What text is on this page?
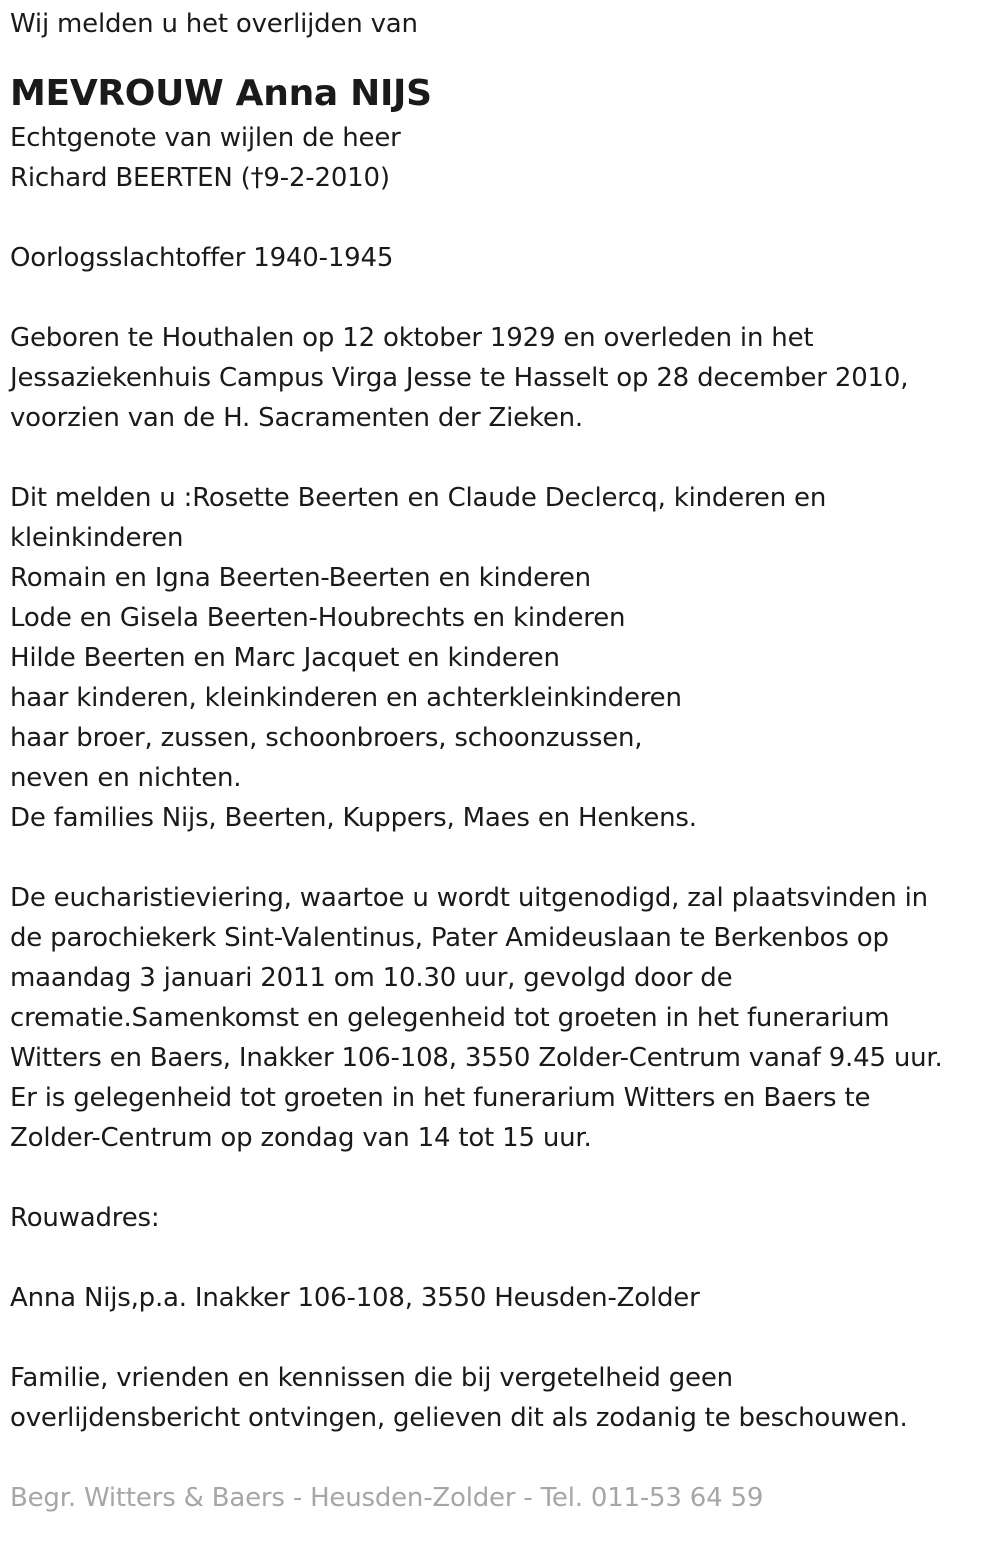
Wij melden u het overlijden van
MEVROUW Anna NIJS
Echtgenote van wijlen de heer
Richard BEERTEN (†9-2-2010)
Oorlogsslachtoffer 1940-1945
Geboren te Houthalen op 12 oktober 1929 en overleden in het
Jessaziekenhuis Campus Virga Jesse te Hasselt op 28 december 2010,
voorzien van de H. Sacramenten der Zieken.
Dit melden u :Rosette Beerten en Claude Declercq, kinderen en
kleinkinderen
Romain en Igna Beerten-Beerten en kinderen
Lode en Gisela Beerten-Houbrechts en kinderen
Hilde Beerten en Marc Jacquet en kinderen
haar kinderen, kleinkinderen en achterkleinkinderen
haar broer, zussen, schoonbroers, schoonzussen,
neven en nichten.
De families Nijs, Beerten, Kuppers, Maes en Henkens.
De eucharistieviering, waartoe u wordt uitgenodigd, zal plaatsvinden in
de parochiekerk Sint-Valentinus, Pater Amideuslaan te Berkenbos op
maandag 3 januari 2011 om 10.30 uur, gevolgd door de
crematie.Samenkomst en gelegenheid tot groeten in het funerarium
Witters en Baers, Inakker 106-108, 3550 Zolder-Centrum vanaf 9.45 uur.
Er is gelegenheid tot groeten in het funerarium Witters en Baers te
Zolder-Centrum op zondag van 14 tot 15 uur.
Rouwadres:
Anna Nijs,p.a. Inakker 106-108, 3550 Heusden-Zolder
Familie, vrienden en kennissen die bij vergetelheid geen
overlijdensbericht ontvingen, gelieven dit als zodanig te beschouwen.
Begr. Witters & Baers - Heusden-Zolder - Tel. 011-53 64 59
